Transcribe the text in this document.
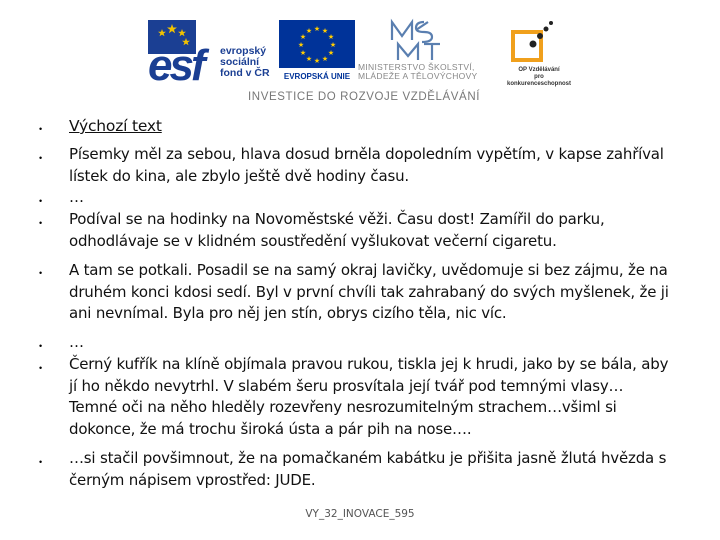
esf evropský
sociální
fond v ČR
★ ★
★
★
★
★
★
★
★
★
★
★
EVROPSKÁ UNIE
MINISTERSTVO ŠKOLSTVÍ,
MLÁDEŽE A TĚLOVÝCHOVY
OP Vzdělávání
pro konkurenceschopnost
INVESTICE DO ROZVOJE VZDĚLÁVÁNÍ
• Výchozí text
• Písemky měl za sebou, hlava dosud brněla dopoledním vypětím, v kapse zahříval lístek do kina, ale zbylo ještě dvě hodiny času.
• …
• Podíval se na hodinky na Novoměstské věži. Času dost! Zamířil do parku, odhodlávaje se v klidném soustředění vyšlukovat večerní cigaretu.
• A tam se potkali. Posadil se na samý okraj lavičky, uvědomuje si bez zájmu, že na druhém konci kdosi sedí. Byl v první chvíli tak zahrabaný do svých myšlenek, že ji ani nevnímal. Byla pro něj jen stín, obrys cizího těla, nic víc.
• …
• Černý kufřík na klíně objímala pravou rukou, tiskla jej k hrudi, jako by se bála, aby jí ho někdo nevytrhl. V slabém šeru prosvítala její tvář pod temnými vlasy…Temné oči na něho hleděly rozevřeny nesrozumitelným strachem…všiml si dokonce, že má trochu široká ústa a pár pih na nose….
• …si stačil povšimnout, že na pomačkaném kabátku je přišita jasně žlutá hvězda s černým nápisem vprostřed: JUDE.
VY_32_INOVACE_595
